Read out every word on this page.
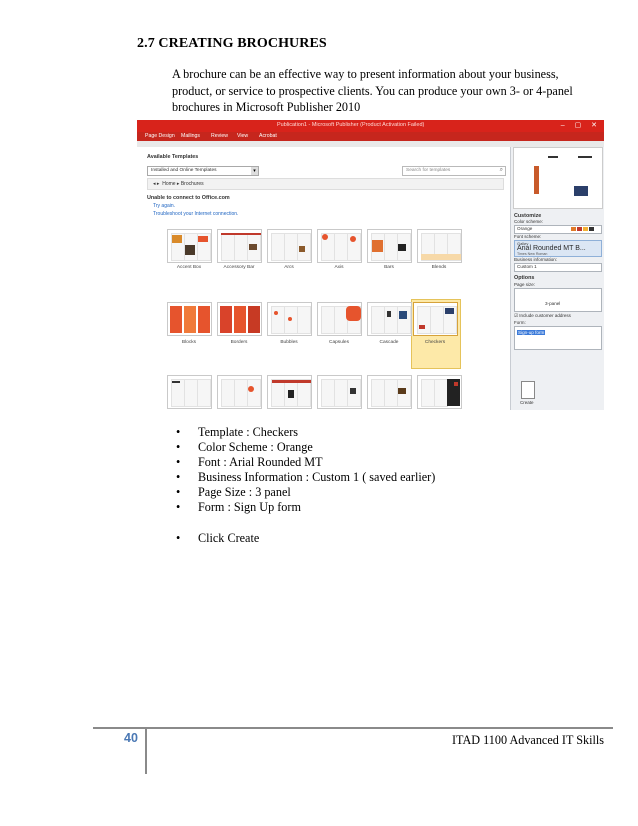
2.7 CREATING BROCHURES
A brochure can be an effective way to present information about your business, product, or service to prospective clients. You can produce your own 3- or 4-panel brochures in Microsoft Publisher 2010
Publication1 - Microsoft Publisher (Product Activation Failed)	– ▢ ✕
Page Design Mailings Review View Acrobat
Available Templates
Installed and Online Templates	▾	Search for templates	⌕
◂ ▸  Home ▸ Brochures
Unable to connect to Office.com
Try again.
Troubleshoot your Internet connection.
Accent Box	Accessory Bar	Arcs	Axis	Bars	Blends
Blocks	Borders	Bubbles	Capsules	Cascade	Checkers
Customize
Color scheme:
Orange
Font scheme:
Galley
Arial Rounded MT B...
Times New Roman
Business information:
Custom 1
Options
Page size:
3-panel
☑ Include customer address
Form:
Sign-up form
Create
• Template : Checkers
• Color Scheme : Orange
• Font : Arial Rounded MT
• Business Information : Custom 1 ( saved earlier)
• Page Size : 3 panel
• Form : Sign Up form
• Click Create
40	ITAD 1100 Advanced IT Skills
